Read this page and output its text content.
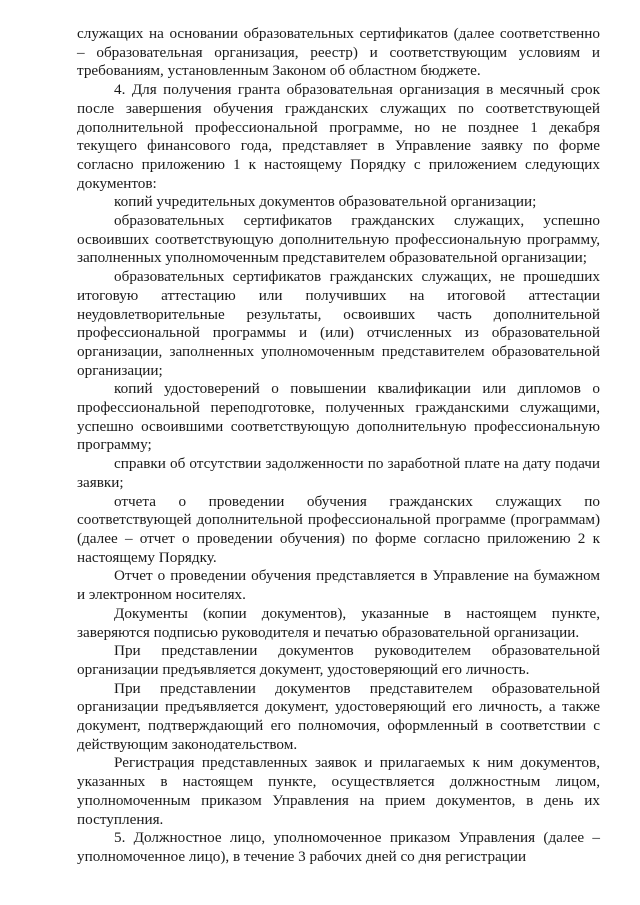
служащих на основании образовательных сертификатов (далее соответственно – образовательная организация, реестр) и соответствующим условиям и требованиям, установленным Законом об областном бюджете.

4. Для получения гранта образовательная организация в месячный срок после завершения обучения гражданских служащих по соответствующей дополнительной профессиональной программе, но не позднее 1 декабря текущего финансового года, представляет в Управление заявку по форме согласно приложению 1 к настоящему Порядку с приложением следующих документов:

копий учредительных документов образовательной организации;

образовательных сертификатов гражданских служащих, успешно освоивших соответствующую дополнительную профессиональную программу, заполненных уполномоченным представителем образовательной организации;

образовательных сертификатов гражданских служащих, не прошедших итоговую аттестацию или получивших на итоговой аттестации неудовлетворительные результаты, освоивших часть дополнительной профессиональной программы и (или) отчисленных из образовательной организации, заполненных уполномоченным представителем образовательной организации;

копий удостоверений о повышении квалификации или дипломов о профессиональной переподготовке, полученных гражданскими служащими, успешно освоившими соответствующую дополнительную профессиональную программу;

справки об отсутствии задолженности по заработной плате на дату подачи заявки;

отчета о проведении обучения гражданских служащих по соответствующей дополнительной профессиональной программе (программам) (далее – отчет о проведении обучения) по форме согласно приложению 2 к настоящему Порядку.

Отчет о проведении обучения представляется в Управление на бумажном и электронном носителях.

Документы (копии документов), указанные в настоящем пункте, заверяются подписью руководителя и печатью образовательной организации.

При представлении документов руководителем образовательной организации предъявляется документ, удостоверяющий его личность.

При представлении документов представителем образовательной организации предъявляется документ, удостоверяющий его личность, а также документ, подтверждающий его полномочия, оформленный в соответствии с действующим законодательством.

Регистрация представленных заявок и прилагаемых к ним документов, указанных в настоящем пункте, осуществляется должностным лицом, уполномоченным приказом Управления на прием документов, в день их поступления.

5. Должностное лицо, уполномоченное приказом Управления (далее – уполномоченное лицо), в течение 3 рабочих дней со дня регистрации
